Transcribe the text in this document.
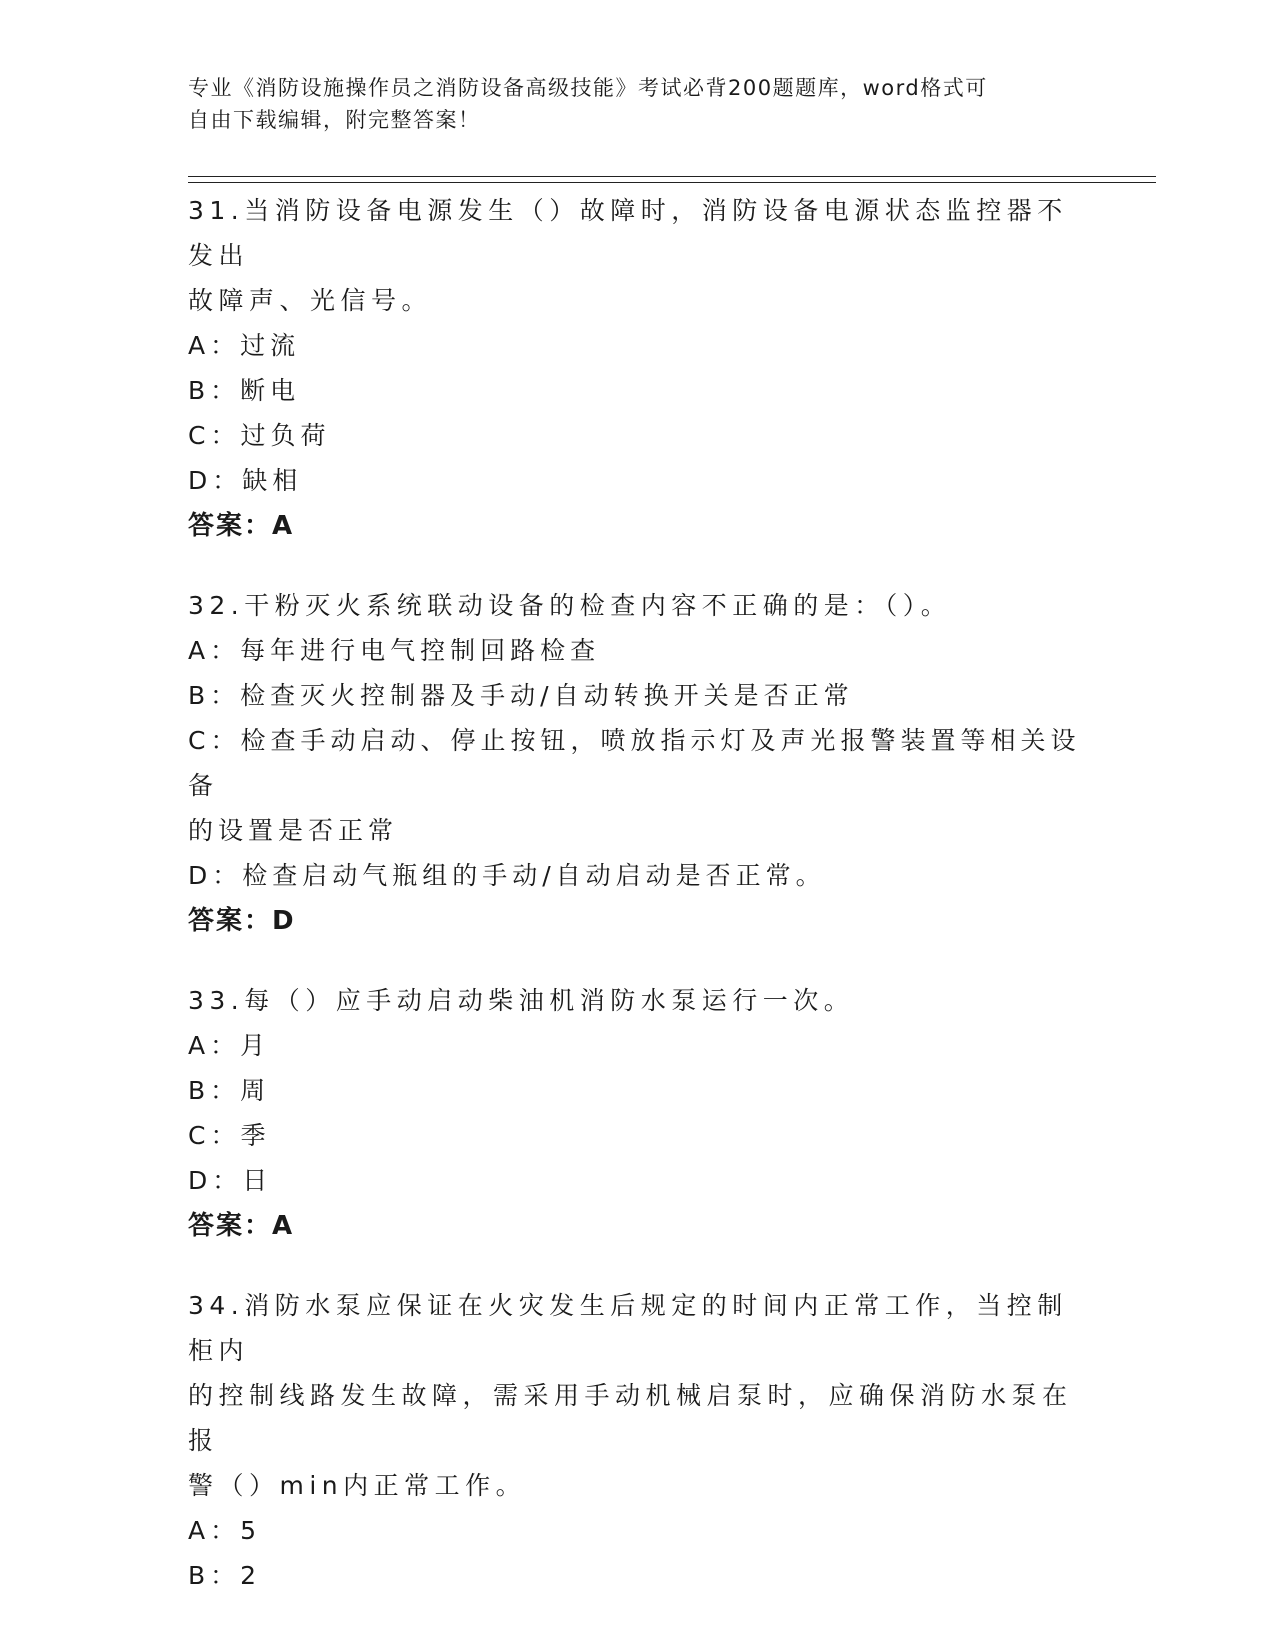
专业《消防设施操作员之消防设备高级技能》考试必背200题题库，word格式可
自由下载编辑，附完整答案！
31.当消防设备电源发生（）故障时，消防设备电源状态监控器不发出
故障声、光信号。
A：过流
B：断电
C：过负荷
D：缺相
答案：A
32.干粉灭火系统联动设备的检查内容不正确的是：（）。
A：每年进行电气控制回路检查
B：检查灭火控制器及手动/自动转换开关是否正常
C：检查手动启动、停止按钮，喷放指示灯及声光报警装置等相关设备
的设置是否正常
D：检查启动气瓶组的手动/自动启动是否正常。
答案：D
33.每（）应手动启动柴油机消防水泵运行一次。
A：月
B：周
C：季
D：日
答案：A
34.消防水泵应保证在火灾发生后规定的时间内正常工作，当控制柜内
的控制线路发生故障，需采用手动机械启泵时，应确保消防水泵在报
警（）min内正常工作。
A：5
B：2
